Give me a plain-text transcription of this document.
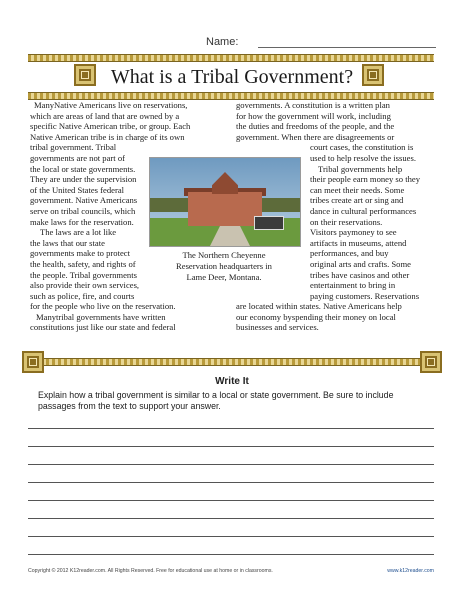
Name:
What is a Tribal Government?

ManyNative Americans live on reservations,

which are areas of land that are owned by a

specific Native American tribe, or group. Each

Native American tribe is in charge of its own

tribal government. Tribal

governments are not part of

the local or state governments.

They are under the supervision

of the United States federal

government. Native Americans

serve on tribal councils, which

make laws for the reservation.

The laws are a lot like

the laws that our state

governments make to protect

the health, safety, and rights of

the people. Tribal governments

also provide their own services,

such as police, fire, and courts

for the people who live on the reservation.

Manytribal governments have written

constitutions just like our state and federal

governments. A constitution is a written plan

for how the government will work, including

the duties and freedoms of the people, and the

government. When there are disagreements or

court cases, the constitution is

used to help resolve the issues.

Tribal governments help

their people earn money so they

can meet their needs. Some

tribes create art or sing and

dance in cultural performances

on their reservations.

Visitors paymoney to see

artifacts in museums, attend

performances, and buy

original arts and crafts. Some

tribes have casinos and other

entertainment to bring in

paying customers. Reservations

are located within states. Native Americans help

our economy byspending their money on local

businesses and services.

The Northern Cheyenne
Reservation headquarters in
Lame Deer, Montana.
Write It
Explain how a tribal government is similar to a local or state government. Be sure to include
passages from the text to support your answer.
Copyright © 2012 K12reader.com. All Rights Reserved. Free for educational use at home or in classrooms.	www.k12reader.com
